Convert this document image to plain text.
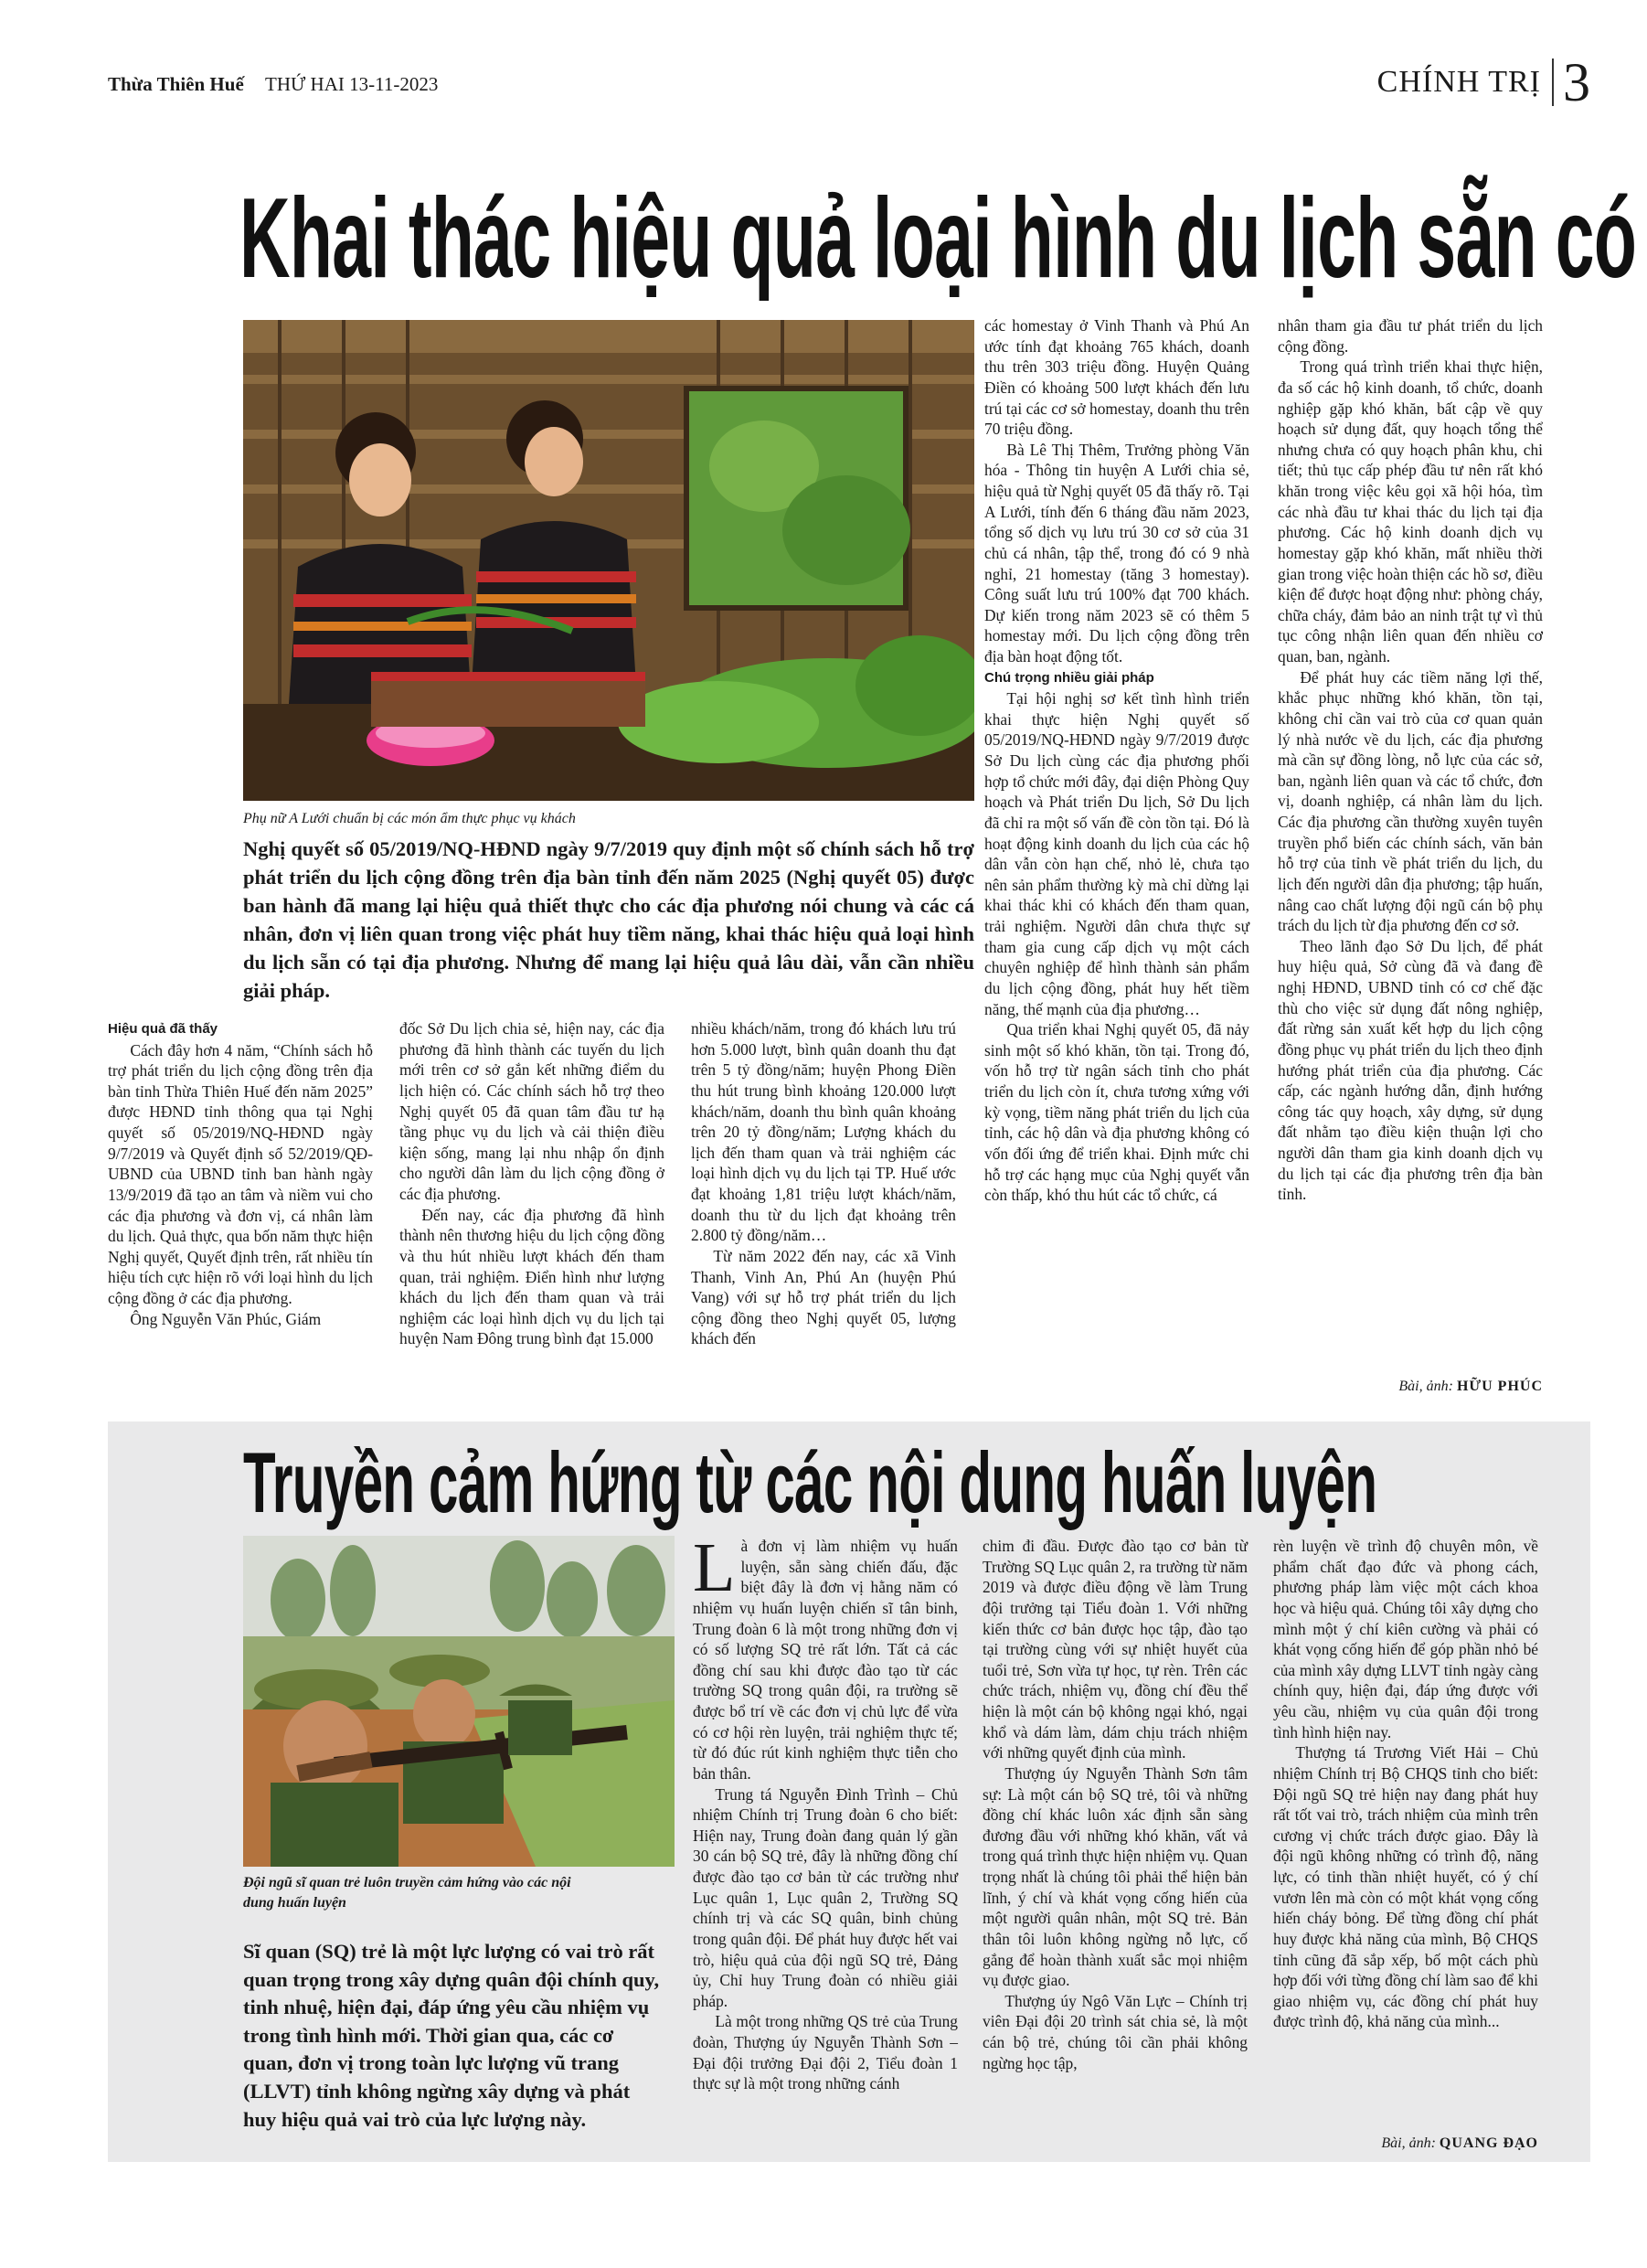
Thừa Thiên Huế THỨ HAI 13-11-2023	CHÍNH TRỊ 3
Khai thác hiệu quả loại hình du lịch sẵn có
Phụ nữ A Lưới chuẩn bị các món ẩm thực phục vụ khách
Nghị quyết số 05/2019/NQ-HĐND ngày 9/7/2019 quy định một số chính sách hỗ trợ phát triển du lịch cộng đồng trên địa bàn tỉnh đến năm 2025 (Nghị quyết 05) được ban hành đã mang lại hiệu quả thiết thực cho các địa phương nói chung và các cá nhân, đơn vị liên quan trong việc phát huy tiềm năng, khai thác hiệu quả loại hình du lịch sẵn có tại địa phương. Nhưng để mang lại hiệu quả lâu dài, vẫn cần nhiều giải pháp.
Hiệu quả đã thấy

Cách đây hơn 4 năm, “Chính sách hỗ trợ phát triển du lịch cộng đồng trên địa bàn tỉnh Thừa Thiên Huế đến năm 2025” được HĐND tỉnh thông qua tại Nghị quyết số 05/2019/NQ-HĐND ngày 9/7/2019 và Quyết định số 52/2019/QĐ-UBND của UBND tỉnh ban hành ngày 13/9/2019 đã tạo an tâm và niềm vui cho các địa phương và đơn vị, cá nhân làm du lịch. Quả thực, qua bốn năm thực hiện Nghị quyết, Quyết định trên, rất nhiều tín hiệu tích cực hiện rõ với loại hình du lịch cộng đồng ở các địa phương.

Ông Nguyễn Văn Phúc, Giám

đốc Sở Du lịch chia sẻ, hiện nay, các địa phương đã hình thành các tuyến du lịch mới trên cơ sở gắn kết những điểm du lịch hiện có. Các chính sách hỗ trợ theo Nghị quyết 05 đã quan tâm đầu tư hạ tầng phục vụ du lịch và cải thiện điều kiện sống, mang lại nhu nhập ổn định cho người dân làm du lịch cộng đồng ở các địa phương.

Đến nay, các địa phương đã hình thành nên thương hiệu du lịch cộng đồng và thu hút nhiều lượt khách đến tham quan, trải nghiệm. Điển hình như lượng khách du lịch đến tham quan và trải nghiệm các loại hình dịch vụ du lịch tại huyện Nam Đông trung bình đạt 15.000

nhiều khách/năm, trong đó khách lưu trú hơn 5.000 lượt, bình quân doanh thu đạt trên 5 tỷ đồng/năm; huyện Phong Điền thu hút trung bình khoảng 120.000 lượt khách/năm, doanh thu bình quân khoảng trên 20 tỷ đồng/năm; Lượng khách du lịch đến tham quan và trải nghiệm các loại hình dịch vụ du lịch tại TP. Huế ước đạt khoảng 1,81 triệu lượt khách/năm, doanh thu từ du lịch đạt khoảng trên 2.800 tỷ đồng/năm…

Từ năm 2022 đến nay, các xã Vinh Thanh, Vinh An, Phú An (huyện Phú Vang) với sự hỗ trợ phát triển du lịch cộng đồng theo Nghị quyết 05, lượng khách đến

các homestay ở Vinh Thanh và Phú An ước tính đạt khoảng 765 khách, doanh thu trên 303 triệu đồng. Huyện Quảng Điền có khoảng 500 lượt khách đến lưu trú tại các cơ sở homestay, doanh thu trên 70 triệu đồng.

Bà Lê Thị Thêm, Trưởng phòng Văn hóa - Thông tin huyện A Lưới chia sẻ, hiệu quả từ Nghị quyết 05 đã thấy rõ. Tại A Lưới, tính đến 6 tháng đầu năm 2023, tổng số dịch vụ lưu trú 30 cơ sở của 31 chủ cá nhân, tập thể, trong đó có 9 nhà nghỉ, 21 homestay (tăng 3 homestay). Công suất lưu trú 100% đạt 700 khách. Dự kiến trong năm 2023 sẽ có thêm 5 homestay mới. Du lịch cộng đồng trên địa bàn hoạt động tốt.

Chú trọng nhiều giải pháp

Tại hội nghị sơ kết tình hình triển khai thực hiện Nghị quyết số 05/2019/NQ-HĐND ngày 9/7/2019 được Sở Du lịch cùng các địa phương phối hợp tổ chức mới đây, đại diện Phòng Quy hoạch và Phát triển Du lịch, Sở Du lịch đã chỉ ra một số vấn đề còn tồn tại. Đó là hoạt động kinh doanh du lịch của các hộ dân vẫn còn hạn chế, nhỏ lẻ, chưa tạo nên sản phẩm thường kỳ mà chỉ dừng lại khai thác khi có khách đến tham quan, trải nghiệm. Người dân chưa thực sự tham gia cung cấp dịch vụ một cách chuyên nghiệp để hình thành sản phẩm du lịch cộng đồng, phát huy hết tiềm năng, thế mạnh của địa phương…

Qua triển khai Nghị quyết 05, đã nảy sinh một số khó khăn, tồn tại. Trong đó, vốn hỗ trợ từ ngân sách tỉnh cho phát triển du lịch còn ít, chưa tương xứng với kỳ vọng, tiềm năng phát triển du lịch của tỉnh, các hộ dân và địa phương không có vốn đối ứng để triển khai. Định mức chi hỗ trợ các hạng mục của Nghị quyết vẫn còn thấp, khó thu hút các tổ chức, cá

nhân tham gia đầu tư phát triển du lịch cộng đồng.

Trong quá trình triển khai thực hiện, đa số các hộ kinh doanh, tổ chức, doanh nghiệp gặp khó khăn, bất cập về quy hoạch sử dụng đất, quy hoạch tổng thể nhưng chưa có quy hoạch phân khu, chi tiết; thủ tục cấp phép đầu tư nên rất khó khăn trong việc kêu gọi xã hội hóa, tìm các nhà đầu tư khai thác du lịch tại địa phương. Các hộ kinh doanh dịch vụ homestay gặp khó khăn, mất nhiều thời gian trong việc hoàn thiện các hồ sơ, điều kiện để được hoạt động như: phòng cháy, chữa cháy, đảm bảo an ninh trật tự vì thủ tục công nhận liên quan đến nhiều cơ quan, ban, ngành.

Để phát huy các tiềm năng lợi thế, khắc phục những khó khăn, tồn tại, không chỉ cần vai trò của cơ quan quản lý nhà nước về du lịch, các địa phương mà cần sự đồng lòng, nỗ lực của các sở, ban, ngành liên quan và các tổ chức, đơn vị, doanh nghiệp, cá nhân làm du lịch. Các địa phương cần thường xuyên tuyên truyền phổ biến các chính sách, văn bản hỗ trợ của tỉnh về phát triển du lịch, du lịch đến người dân địa phương; tập huấn, nâng cao chất lượng đội ngũ cán bộ phụ trách du lịch từ địa phương đến cơ sở.

Theo lãnh đạo Sở Du lịch, để phát huy hiệu quả, Sở cùng đã và đang đề nghị HĐND, UBND tỉnh có cơ chế đặc thù cho việc sử dụng đất nông nghiệp, đất rừng sản xuất kết hợp du lịch cộng đồng phục vụ phát triển du lịch theo định hướng phát triển của địa phương. Các cấp, các ngành hướng dẫn, định hướng công tác quy hoạch, xây dựng, sử dụng đất nhằm tạo điều kiện thuận lợi cho người dân tham gia kinh doanh dịch vụ du lịch tại các địa phương trên địa bàn tỉnh.

Bài, ảnh: HỮU PHÚC
Truyền cảm hứng từ các nội dung huấn luyện
Đội ngũ sĩ quan trẻ luôn truyền cảm hứng vào các nội dung huấn luyện
Sĩ quan (SQ) trẻ là một lực lượng có vai trò rất quan trọng trong xây dựng quân đội chính quy, tinh nhuệ, hiện đại, đáp ứng yêu cầu nhiệm vụ trong tình hình mới. Thời gian qua, các cơ quan, đơn vị trong toàn lực lượng vũ trang (LLVT) tỉnh không ngừng xây dựng và phát huy hiệu quả vai trò của lực lượng này.
L à đơn vị làm nhiệm vụ huấn luyện, sẵn sàng chiến đấu, đặc biệt đây là đơn vị hằng năm có nhiệm vụ huấn luyện chiến sĩ tân binh, Trung đoàn 6 là một trong những đơn vị có số lượng SQ trẻ rất lớn. Tất cả các đồng chí sau khi được đào tạo từ các trường SQ trong quân đội, ra trường sẽ được bổ trí về các đơn vị chủ lực để vừa có cơ hội rèn luyện, trải nghiệm thực tế; từ đó đúc rút kinh nghiệm thực tiễn cho bản thân.

Trung tá Nguyễn Đình Trình – Chủ nhiệm Chính trị Trung đoàn 6 cho biết: Hiện nay, Trung đoàn đang quản lý gần 30 cán bộ SQ trẻ, đây là những đồng chí được đào tạo cơ bản từ các trường như Lục quân 1, Lục quân 2, Trường SQ chính trị và các SQ quân, binh chủng trong quân đội. Để phát huy được hết vai trò, hiệu quả của đội ngũ SQ trẻ, Đảng ủy, Chỉ huy Trung đoàn có nhiều giải pháp.

Là một trong những QS trẻ của Trung đoàn, Thượng úy Nguyễn Thành Sơn – Đại đội trưởng Đại đội 2, Tiểu đoàn 1 thực sự là một trong những cánh

chim đi đầu. Được đào tạo cơ bản từ Trường SQ Lục quân 2, ra trường từ năm 2019 và được điều động về làm Trung đội trưởng tại Tiểu đoàn 1. Với những kiến thức cơ bản được học tập, đào tạo tại trường cùng với sự nhiệt huyết của tuổi trẻ, Sơn vừa tự học, tự rèn. Trên các chức trách, nhiệm vụ, đồng chí đều thể hiện là một cán bộ không ngại khó, ngại khổ và dám làm, dám chịu trách nhiệm với những quyết định của mình.

Thượng úy Nguyễn Thành Sơn tâm sự: Là một cán bộ SQ trẻ, tôi và những đồng chí khác luôn xác định sẵn sàng đương đầu với những khó khăn, vất vả trong quá trình thực hiện nhiệm vụ. Quan trọng nhất là chúng tôi phải thể hiện bản lĩnh, ý chí và khát vọng cống hiến của một người quân nhân, một SQ trẻ. Bản thân tôi luôn không ngừng nỗ lực, cố gắng để hoàn thành xuất sắc mọi nhiệm vụ được giao.

Thượng úy Ngô Văn Lực – Chính trị viên Đại đội 20 trình sát chia sẻ, là một cán bộ trẻ, chúng tôi cần phải không ngừng học tập,

rèn luyện về trình độ chuyên môn, về phẩm chất đạo đức và phong cách, phương pháp làm việc một cách khoa học và hiệu quả. Chúng tôi xây dựng cho mình một ý chí kiên cường và phải có khát vọng cống hiến để góp phần nhỏ bé của mình xây dựng LLVT tỉnh ngày càng chính quy, hiện đại, đáp ứng được với yêu cầu, nhiệm vụ của quân đội trong tình hình hiện nay.

Thượng tá Trương Viết Hải – Chủ nhiệm Chính trị Bộ CHQS tỉnh cho biết: Đội ngũ SQ trẻ hiện nay đang phát huy rất tốt vai trò, trách nhiệm của mình trên cương vị chức trách được giao. Đây là đội ngũ không những có trình độ, năng lực, có tinh thần nhiệt huyết, có ý chí vươn lên mà còn có một khát vọng cống hiến cháy bỏng. Để từng đồng chí phát huy được khả năng của mình, Bộ CHQS tỉnh cũng đã sắp xếp, bố một cách phù hợp đối với từng đồng chí làm sao để khi giao nhiệm vụ, các đồng chí phát huy được trình độ, khả năng của mình...

Bài, ảnh: QUANG ĐẠO
